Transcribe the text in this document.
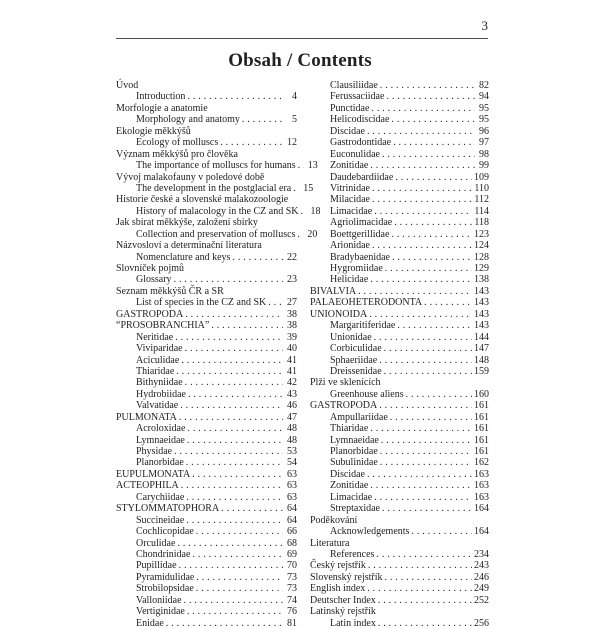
3
Obsah / Contents
Úvod
Introduction . . .	4
Morfologie a anatomie
Morphology and anatomy . . .	5
Ekologie měkkýšů
Ecology of molluscs . . .	12
Význam měkkýšů pro člověka
The importance of molluscs for humans . . . 13
Vývoj malakofauny v poledové době
The development in the postglacial era . . . 15
Historie české a slovenské malakozoologie
History of malacology in the CZ and SK . . . 18
Jak sbírat měkkýše, založení sbírky
Collection and preservation of molluscs . . . 20
Názvosloví a determinační literatura
Nomenclature and keys . . .	22
Slovníček pojmů
Glossary . . .	23
Seznam měkkýšů ČR a SR
List of species in the CZ and SK . . . 27
GASTROPODA . . .	38
“PROSOBRANCHIA” . . .	38
Neritidae . . .	39
Viviparidae . . .	40
Aciculidae . . .	41
Thiaridae . . .	41
Bithyniidae . . .	42
Hydrobiidae . . .	43
Valvatidae . . .	46
PULMONATA . . .	47
Acroloxidae . . .	48
Lymnaeidae . . .	48
Physidae . . .	53
Planorbidae . . .	54
EUPULMONATA . . .	63
ACTEOPHILA . . .	63
Carychiidae . . .	63
STYLOMMATOPHORA . . .	64
Succineidae . . .	64
Cochlicopidae . . .	66
Orculidae . . .	68
Chondrinidae . . .	69
Pupillidae . . .	70
Pyramidulidae . . .	73
Strobilopsidae . . .	73
Valloniidae . . .	74
Vertiginidae . . .	76
Enidae . . .	81
Clausiliidae . . .	82
Ferussaciidae . . .	94
Punctidae . . .	95
Helicodiscidae . . .	95
Discidae . . .	96
Gastrodontidae . . .	97
Euconulidae . . .	98
Zonitidae . . .	99
Daudebardiidae . . .	109
Vitrinidae . . .	110
Milacidae . . .	112
Limacidae . . .	114
Agriolimacidae . . .	118
Boettgerillidae . . .	123
Arionidae . . .	124
Bradybaenidae . . .	128
Hygromiidae . . .	129
Helicidae . . .	138
BIVALVIA . . .	143
PALAEOHETERODONTA . . .	143
UNIONOIDA . . .	143
Margaritiferidae . . .	143
Unionidae . . .	144
Corbiculidae . . .	147
Sphaeriidae . . .	148
Dreissenidae . . .	159
Plži ve sklenících
Greenhouse aliens . . .	160
GASTROPODA . . .	161
Ampullariidae . . .	161
Thiaridae . . .	161
Lymnaeidae . . .	161
Planorbidae . . .	161
Subulinidae . . .	162
Discidae . . .	163
Zonitidae . . .	163
Limacidae . . .	163
Streptaxidae . . .	164
Poděkování
Acknowledgements . . .	164
Literatura
References . . .	234
Český rejstřík . . .	243
Slovenský rejstřík . . .	246
English index . . .	249
Deutscher Index . . .	252
Latinský rejstřík
Latin index . . .	256
